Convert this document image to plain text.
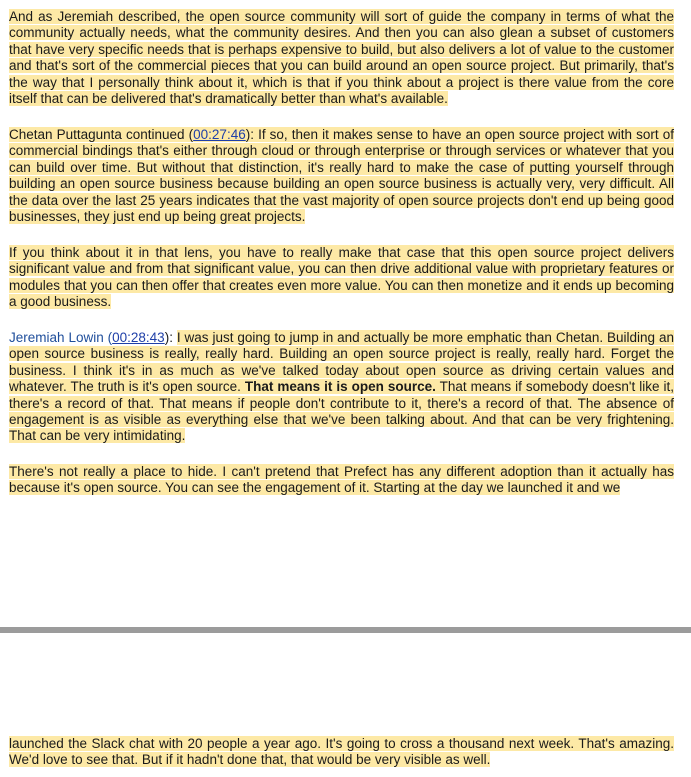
And as Jeremiah described, the open source community will sort of guide the company in terms of what the community actually needs, what the community desires. And then you can also glean a subset of customers that have very specific needs that is perhaps expensive to build, but also delivers a lot of value to the customer and that's sort of the commercial pieces that you can build around an open source project. But primarily, that's the way that I personally think about it, which is that if you think about a project is there value from the core itself that can be delivered that's dramatically better than what's available.

Chetan Puttagunta continued (00:27:46): If so, then it makes sense to have an open source project with sort of commercial bindings that's either through cloud or through enterprise or through services or whatever that you can build over time. But without that distinction, it's really hard to make the case of putting yourself through building an open source business because building an open source business is actually very, very difficult. All the data over the last 25 years indicates that the vast majority of open source projects don't end up being good businesses, they just end up being great projects.

If you think about it in that lens, you have to really make that case that this open source project delivers significant value and from that significant value, you can then drive additional value with proprietary features or modules that you can then offer that creates even more value. You can then monetize and it ends up becoming a good business.

Jeremiah Lowin (00:28:43): I was just going to jump in and actually be more emphatic than Chetan. Building an open source business is really, really hard. Building an open source project is really, really hard. Forget the business. I think it's in as much as we've talked today about open source as driving certain values and whatever. The truth is it's open source. That means it is open source. That means if somebody doesn't like it, there's a record of that. That means if people don't contribute to it, there's a record of that. The absence of engagement is as visible as everything else that we've been talking about. And that can be very frightening. That can be very intimidating.

There's not really a place to hide. I can't pretend that Prefect has any different adoption than it actually has because it's open source. You can see the engagement of it. Starting at the day we launched it and we

launched the Slack chat with 20 people a year ago. It's going to cross a thousand next week. That's amazing. We'd love to see that. But if it hadn't done that, that would be very visible as well.
